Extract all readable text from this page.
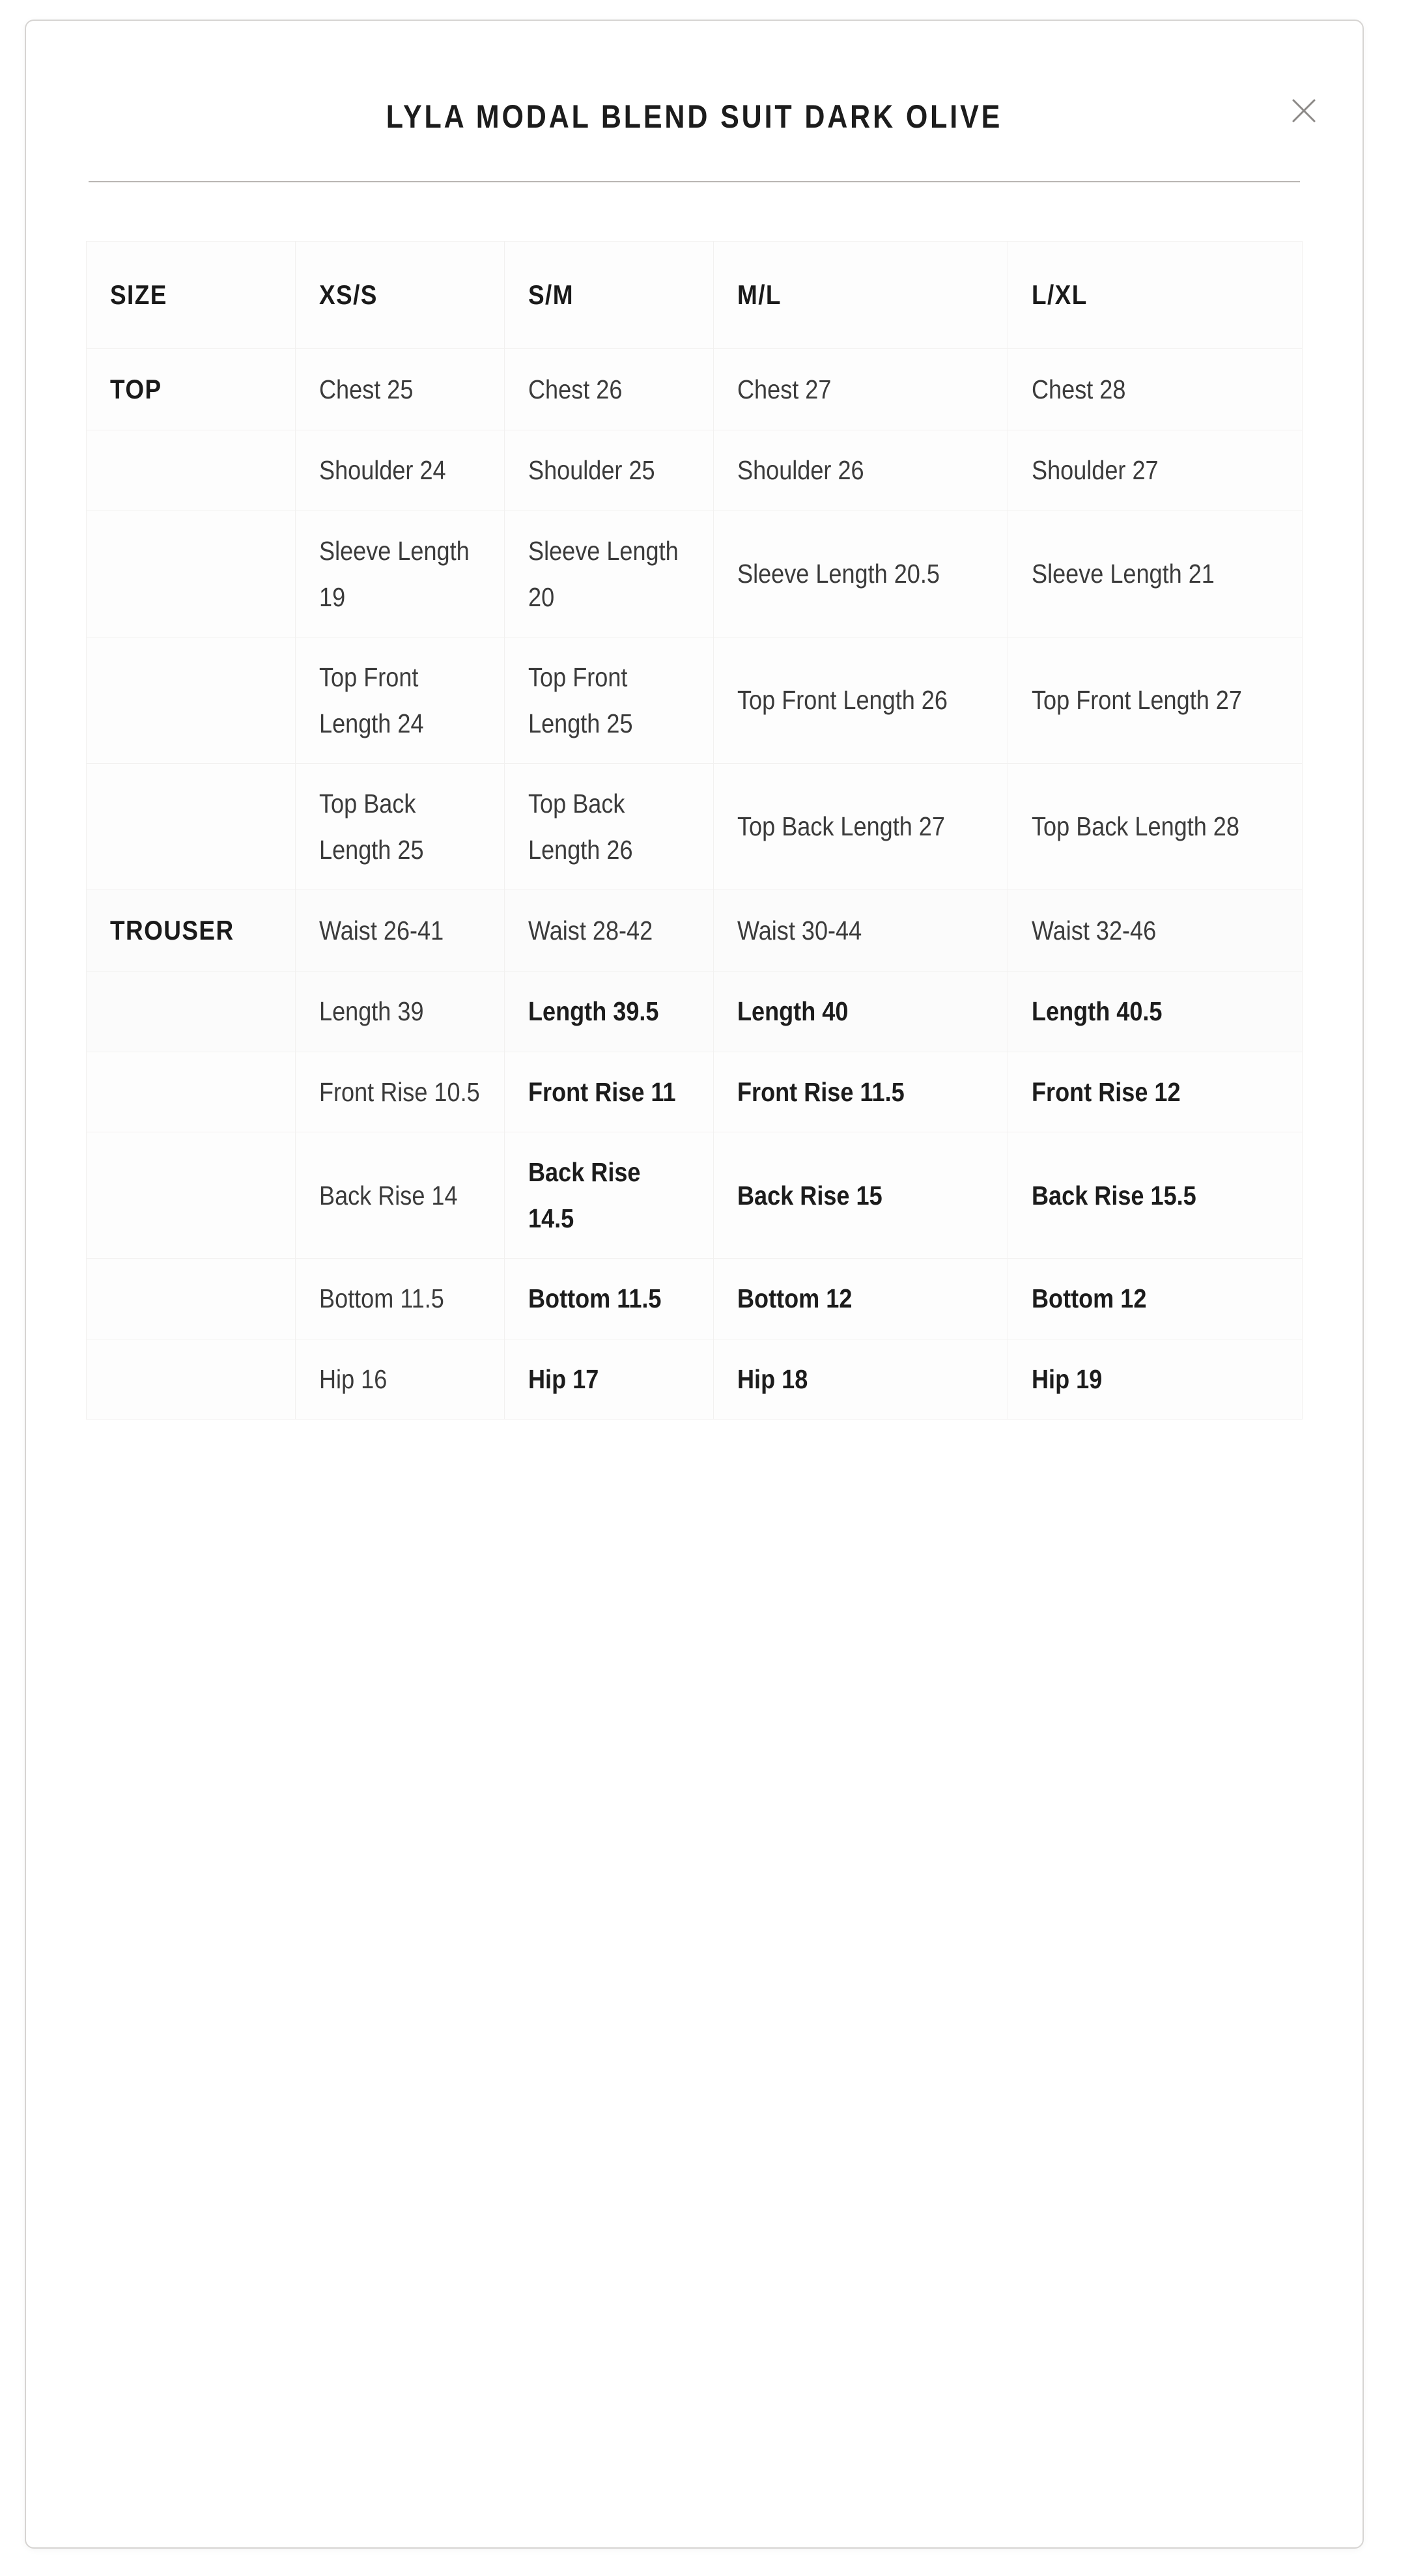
LYLA MODAL BLEND SUIT DARK OLIVE
SIZE	XS/S	S/M	M/L	L/XL
TOP	Chest 25	Chest 26	Chest 27	Chest 28
	Shoulder 24	Shoulder 25	Shoulder 26	Shoulder 27
	Sleeve Length 19	Sleeve Length 20	Sleeve Length 20.5	Sleeve Length 21
	Top Front Length 24	Top Front Length 25	Top Front Length 26	Top Front Length 27
	Top Back Length 25	Top Back Length 26	Top Back Length 27	Top Back Length 28
TROUSER	Waist 26-41	Waist 28-42	Waist 30-44	Waist 32-46
	Length 39	Length 39.5	Length 40	Length 40.5
	Front Rise 10.5	Front Rise 11	Front Rise 11.5	Front Rise 12
	Back Rise 14	Back Rise 14.5	Back Rise 15	Back Rise 15.5
	Bottom 11.5	Bottom 11.5	Bottom 12	Bottom 12
	Hip 16	Hip 17	Hip 18	Hip 19
